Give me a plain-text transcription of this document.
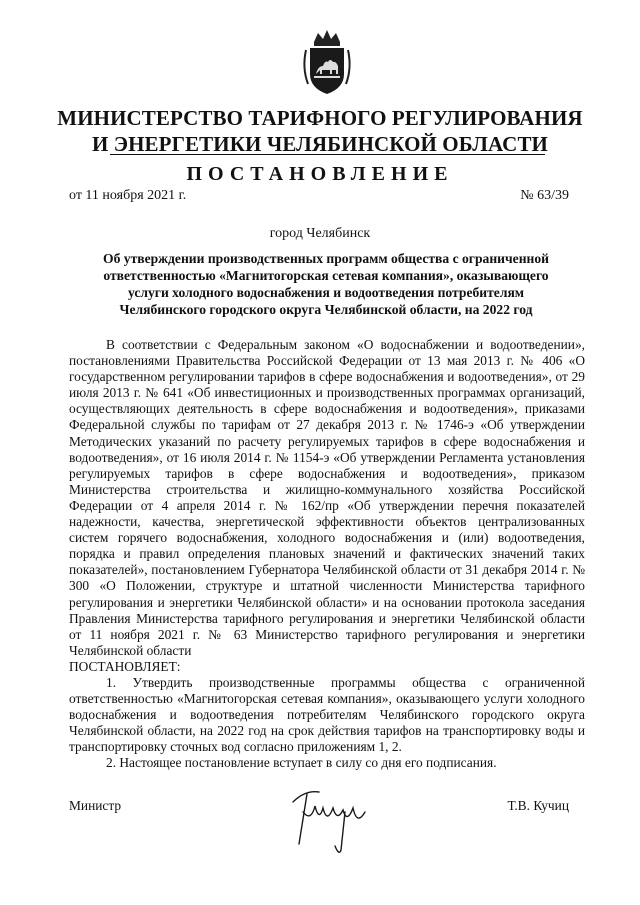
МИНИСТЕРСТВО ТАРИФНОГО РЕГУЛИРОВАНИЯ
И ЭНЕРГЕТИКИ ЧЕЛЯБИНСКОЙ ОБЛАСТИ
ПОСТАНОВЛЕНИЕ
от 11 ноября 2021 г.	№ 63/39
город Челябинск
Об утверждении производственных программ общества с ограниченной ответственностью «Магнитогорская сетевая компания», оказывающего услуги холодного водоснабжения и водоотведения потребителям Челябинского городского округа Челябинской области, на 2022 год

В соответствии с Федеральным законом «О водоснабжении и водоотведении», постановлениями Правительства Российской Федерации от 13 мая 2013 г. № 406 «О государственном регулировании тарифов в сфере водоснабжения и водоотведения», от 29 июля 2013 г. № 641 «Об инвестиционных и производственных программах организаций, осуществляющих деятельность в сфере водоснабжения и водоотведения», приказами Федеральной службы по тарифам от 27 декабря 2013 г. № 1746-э «Об утверждении Методических указаний по расчету регулируемых тарифов в сфере водоснабжения и водоотведения», от 16 июля 2014 г. № 1154-э «Об утверждении Регламента установления регулируемых тарифов в сфере водоснабжения и водоотведения», приказом Министерства строительства и жилищно-коммунального хозяйства Российской Федерации от 4 апреля 2014 г. № 162/пр «Об утверждении перечня показателей надежности, качества, энергетической эффективности объектов централизованных систем горячего водоснабжения, холодного водоснабжения и (или) водоотведения, порядка и правил определения плановых значений и фактических значений таких показателей», постановлением Губернатора Челябинской области от 31 декабря 2014 г. № 300 «О Положении, структуре и штатной численности Министерства тарифного регулирования и энергетики Челябинской области» и на основании протокола заседания Правления Министерства тарифного регулирования и энергетики Челябинской области от 11 ноября 2021 г. № 63 Министерство тарифного регулирования и энергетики Челябинской области

ПОСТАНОВЛЯЕТ:

1. Утвердить производственные программы общества с ограниченной ответственностью «Магнитогорская сетевая компания», оказывающего услуги холодного водоснабжения и водоотведения потребителям Челябинского городского округа Челябинской области, на 2022 год на срок действия тарифов на транспортировку воды и транспортировку сточных вод согласно приложениям 1, 2.

2. Настоящее постановление вступает в силу со дня его подписания.

Министр	Т.В. Кучиц
